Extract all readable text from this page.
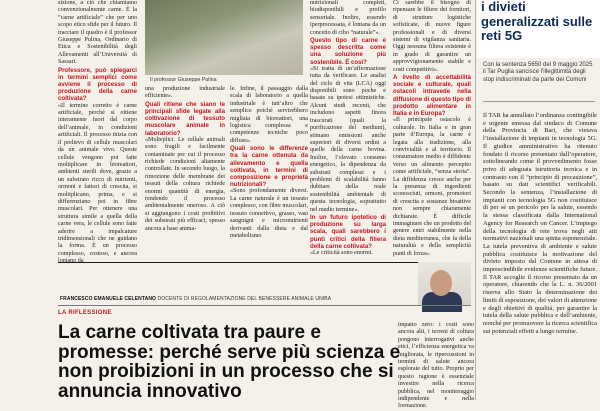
sizione, a ciò che chiamiamo convenzionalmente carne. È la “carne artificiale” che per uno scopo etico sfide per il futuro. Il tracciare il quadro è il professor Giuseppe Pulina, Ordinario di Etica e Sostenibilità degli Allevamenti all’Università di Sassari.

Professore, può spiegarci in termini semplici come avviene il processo di produzione della carne coltivata?

«Il termine corretto è carne artificiale, perché si ottiene interamente fuori dal corpo dell’animale, in condizioni artificiali. Il processo inizia con il prelievo di cellule muscolari da un animale vivo. Queste cellule vengono poi fatte moltiplicare in bioreattori, ambienti sterili dove, grazie a un substrato ricco di nutrienti, ormoni e fattori di crescita, si moltiplicano, prima, e si differenziano poi in fibre muscolari. Per ottenere una struttura simile a quella della carne vera, le cellule sono fatte aderire a impalcature tridimensionali che ne guidano la forma. È un processo complesso, costoso, e ancora lontano da

Il professor Giuseppe Pulina

una produzione industriale efficiente».

Quali ritiene che siano le principali sfide legate alla coltivazione di tessuto muscolare animale in laboratorio?

«Molteplici. Le cellule animali sono fragili e facilmente contaminate per cui il processo richiede condizioni altamente controllate. In secondo luogo, la rimozione delle membrane dei tessuti della coltura richiede enormi quantità di energia, rendendo il processo ambientalmente oneroso. A ciò si aggiungono i costi proibitivi dei substrati più efficaci, spesso ancora a base anima-

le. Infine, il passaggio dalla scala di laboratorio a quella industriale è tutt’altro che semplice poiché servirebbero migliaia di bioreattori, una logistica complessa e competenze tecniche poco diffuse».

Quali sono le differenze tra la carne ottenuta da allevamento e quella coltivata, in termini di composizione e proprietà nutrizionali?

«Sono profondamente diversi. La carne naturale è un tessuto complesso, con fibre muscolari, tessuto connettivo, grasso, vasi sanguigni e micronutrienti derivanti dalla dieta e dal metabolismo

nutrizionali completi, biodisponibili e profilo sensoriale. Inoltre, essendo iperprocessata, è lontana da un concetto di cibo “naturale”».

Questo tipo di carne è spesso descritta come una soluzione più sostenibile. È così?

«Si tratta di un’affermazione tutta da verificare. Le analisi del ciclo di vita (LCA) oggi disponibili sono poche e basate su ipotesi ottimistiche. Alcuni studi recenti, che includono aspetti finora trascurati (quali la purificazione del medium), stimano emissioni anche superiori di diversi ordini a quelle della carne bovina. Inoltre, l’elevato consumo energetico, la dipendenza da substrati complessi e i problemi di scalabilità fanno dubitare della reale sostenibilità ambientale di questa tecnologia, soprattutto nel medio termine».

In un futuro ipotetico di produzione su larga scala, quali sarebbero i punti critici della filiera della carne coltivata?

«Le criticità sono enormi.

Ci sarebbe il bisogno di ripensare le filiere dei fornitori, di strutture logistiche sofisticate, di nuove figure professionali e di diversi sistemi di vigilanza sanitaria. Oggi nessuna filiera esistente è in grado di garantire un approvvigionamento stabile e costi competitivi».

A livello di accettabilità sociale e culturale, quali ostacoli intravede nella diffusione di questo tipo di prodotto alimentare in Italia e in Europa?

«Il principale ostacolo è culturale. In Italia e in gran parte d’Europa, la carne è legata alla tradizione, alla convivialità e al territorio. Il consumatore medio è diffidente verso un alimento percepito come artificiale, “senza storia”. La diffidenza cresce anche per la presenza di ingredienti sconosciuti, ormoni, promotori di crescita e sostanze bioattive non sempre chiaramente dichiarate. È difficile immaginare che un prodotto del genere entri stabilmente nella dieta mediterranea, che fa della naturalità e della semplicità punti di forza».

i divieti generalizzati sulle reti 5G
Con la sentenza 5650 del 9 maggio 2025 il Tar Puglia sancisce l’illegittimità degli stop indiscriminati da parte dei Comuni
Il TAR ha annullato l’ordinanza contingibile e urgente emessa dal sindaco di Comune della Provincia di Bari, che vietava l’installazione di impianti in tecnologia 5G. Il giudice amministrativo ha ritenuto fondato il ricorso presentato dall’operatore, sottolineando come il provvedimento fosse privo di adeguata istruttoria tecnica e in contrasto con il “principio di precauzione”, basato su dati scientifici verificabili. Secondo la sentenza, l’installazione di impianti con tecnologia 5G non costituisce di per sé un pericolo per la salute, essendo la stessa classificata dalla International Agency for Research on Cancer. L’impiego della tecnologia di rete trova negli atti normativi nazionali una spinta esponenziale. La tutela preventiva di ambiente e salute pubblica costituisce la motivazione del divieto imposto dal Comune in attesa di imprescindibile evidenze scientifiche future. Il TAR accoglie il ricorso presentato da un operatore, chiarendo che la L. n. 36/2001 riserva allo Stato la determinazione dei limiti di esposizione, dei valori di attenzione e degli obiettivi di qualità, per garantire la tutela della salute pubblica e dell’ambiente, nonché per promuovere la ricerca scientifica sui potenziali effetti a lungo termine.
FRANCESCO EMANUELE CELENTANO DOCENTE DI REGOLAMENTAZIONE DEL BENESSERE ANIMALE UNIBA
LA RIFLESSIONE
La carne coltivata tra paure e promesse: perché serve più scienza e non proibizioni in un processo che si annuncia innovativo
impatto zero: i costi sono ancora alti, i terreni di coltura pongono interrogativi anche etici, l’efficienza energetica va migliorata, le ripercussioni in termini di salute ancora esplorate del tutto. Proprio per questo ragione è essenziale investire nella ricerca pubblica, nel monitoraggio indipendente e nella formazione.
